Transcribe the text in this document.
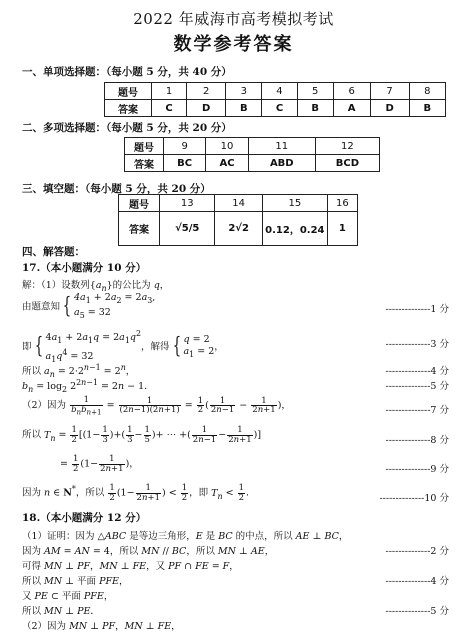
2022 年威海市高考模拟考试
数学参考答案
一、单项选择题：（每小题 5 分，共 40 分）
题号	1	2	3	4	5	6	7	8
答案	C	D	B	C	B	A	D	B
二、多项选择题：（每小题 5 分，共 20 分）
题号	9	10	11	12
答案	BC	AC	ABD	BCD
三、填空题：（每小题 5 分，共 20 分）
题号	13	14	15	16
答案	√5/5	2√2	0.12，0.24	1
四、解答题：
17.（本小题满分 10 分）
解：（1）设数列$\{a_n\}$的公比为 q，
由题意知 { $4a_1 + 2a_2 = 2a_3$,
$a_5 = 32$	--------------1 分
即 { $4a_1 + 2a_1q = 2a_1q^2$
$a_1q^4 = 32$，解得 { q = 2
$a_1 = 2$，	--------------3 分
所以 $a_n = 2\cdot 2^{n-1} = 2^n$，	--------------4 分
$b_n = \log_2 2^{2n-1} = 2n - 1$．	--------------5 分
（2）因为 $\frac{1}{b_nb_{n+1}} = \frac{1}{(2n-1)(2n+1)} = \frac{1}{2}$ ( $\frac{1}{2n-1} - \frac{1}{2n+1}$ )，	--------------7 分
所以 $T_n = \frac{1}{2} [(1- \frac{1}{3}$ )+( $\frac{1}{3} - \frac{1}{5}$ )+ ⋯ +( $\frac{1}{2n-1} - \frac{1}{2n+1}$ )]	--------------8 分
= $\frac{1}{2} (1- \frac{1}{2n+1}$ )，	--------------9 分
因为 n ∈ N*，所以 $\frac{1}{2} (1- \frac{1}{2n+1}$ ) < $\frac{1}{2}$ ，即 $T_n < \frac{1}{2}$ ．	--------------10 分
18.（本小题满分 12 分）
（1）证明：因为 △ABC 是等边三角形，E 是 BC 的中点，所以 AE ⊥ BC，
因为 AM = AN = 4，所以 MN // BC，所以 MN ⊥ AE，	--------------2 分
可得 MN ⊥ PF，MN ⊥ FE，又 PF ∩ FE = F，
所以 MN ⊥ 平面 PFE，	--------------4 分
又 PE ⊂ 平面 PFE，
所以 MN ⊥ PE．	--------------5 分
（2）因为 MN ⊥ PF，MN ⊥ FE，
